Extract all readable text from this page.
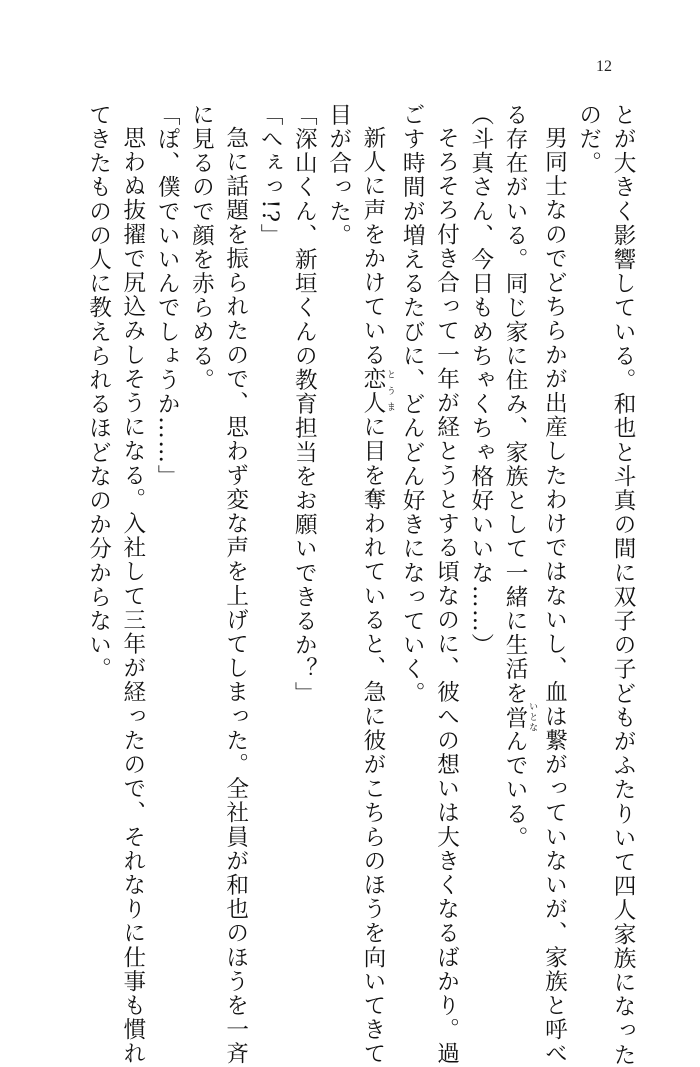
12
とが大きく影響している。和也と斗真の間に双子の子どもがふたりいて四人家族になった
のだ。
男同士なのでどちらかが出産したわけではないし、血は繋がっていないが、家族と呼べ
る存在がいる。同じ家に住み、家族として一緒に生活を営 いとなんでいる。
（斗真さん、今日もめちゃくちゃ格好いいな……）
そろそろ付き合って一年が経とうとする頃なのに、彼への想いは大きくなるばかり。過
ごす時間が増えるたびに、どんどん好きになっていく。
新人に声をかけている恋人 とうまに目を奪われていると、急に彼がこちらのほうを向いてきて
目が合った。
「深山くん、新垣くんの教育担当をお願いできるか？」
「へぇっ!?」
急に話題を振られたので、思わず変な声を上げてしまった。全社員が和也のほうを一斉
に見るので顔を赤らめる。
「ぽ、僕でいいんでしょうか……」
思わぬ抜擢で尻込みしそうになる。入社して三年が経ったので、それなりに仕事も慣れ
てきたものの人に教えられるほどなのか分からない。
